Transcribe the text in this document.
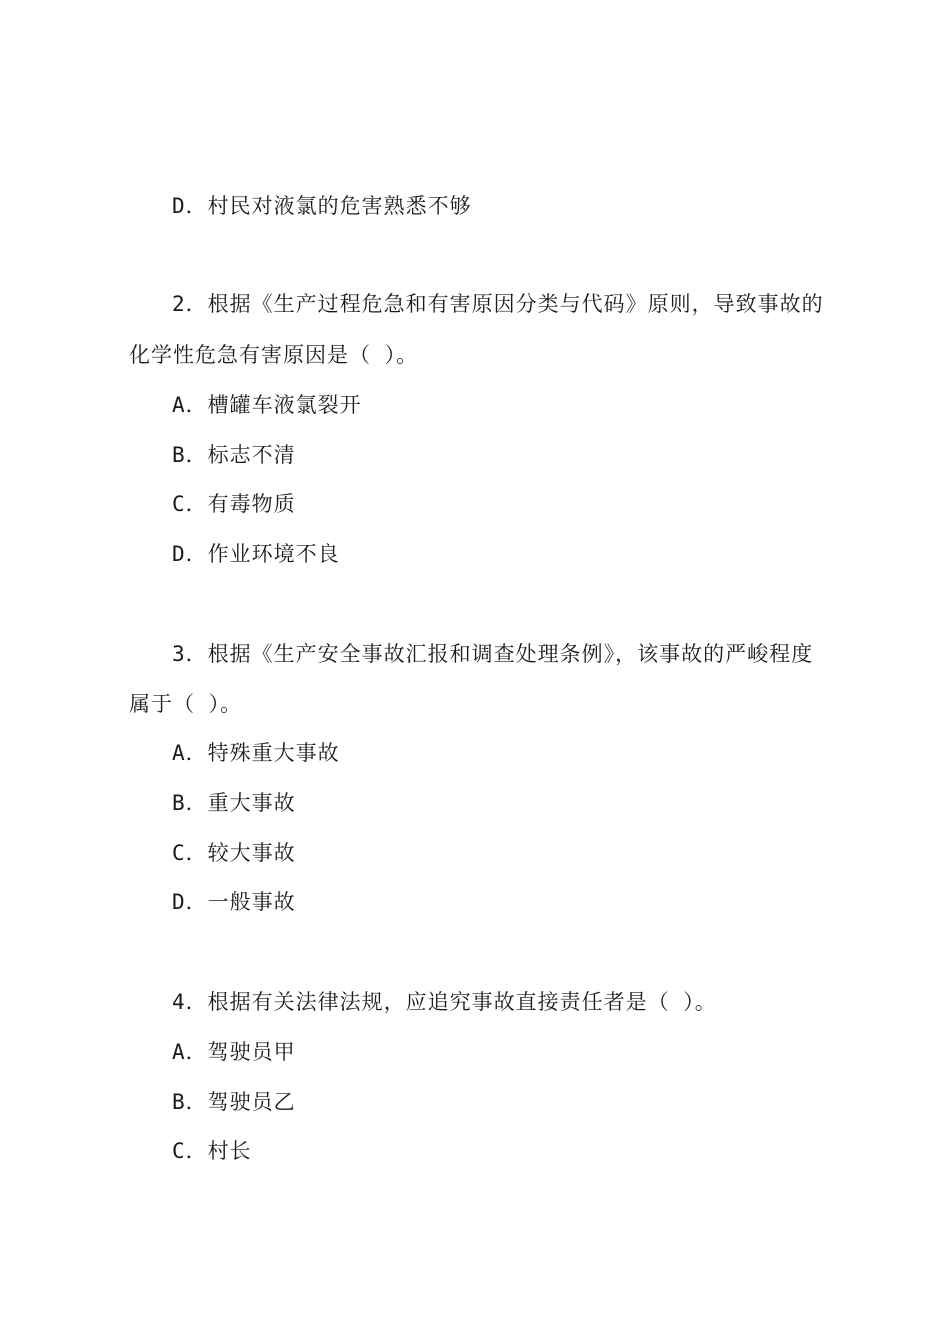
D．村民对液氯的危害熟悉不够
2．根据《生产过程危急和有害原因分类与代码》原则，导致事故的
化学性危急有害原因是（ ）。
A．槽罐车液氯裂开
B．标志不清
C．有毒物质
D．作业环境不良
3．根据《生产安全事故汇报和调查处理条例》，该事故的严峻程度
属于（ ）。
A．特殊重大事故
B．重大事故
C．较大事故
D．一般事故
4．根据有关法律法规，应追究事故直接责任者是（ ）。
A．驾驶员甲
B．驾驶员乙
C．村长
